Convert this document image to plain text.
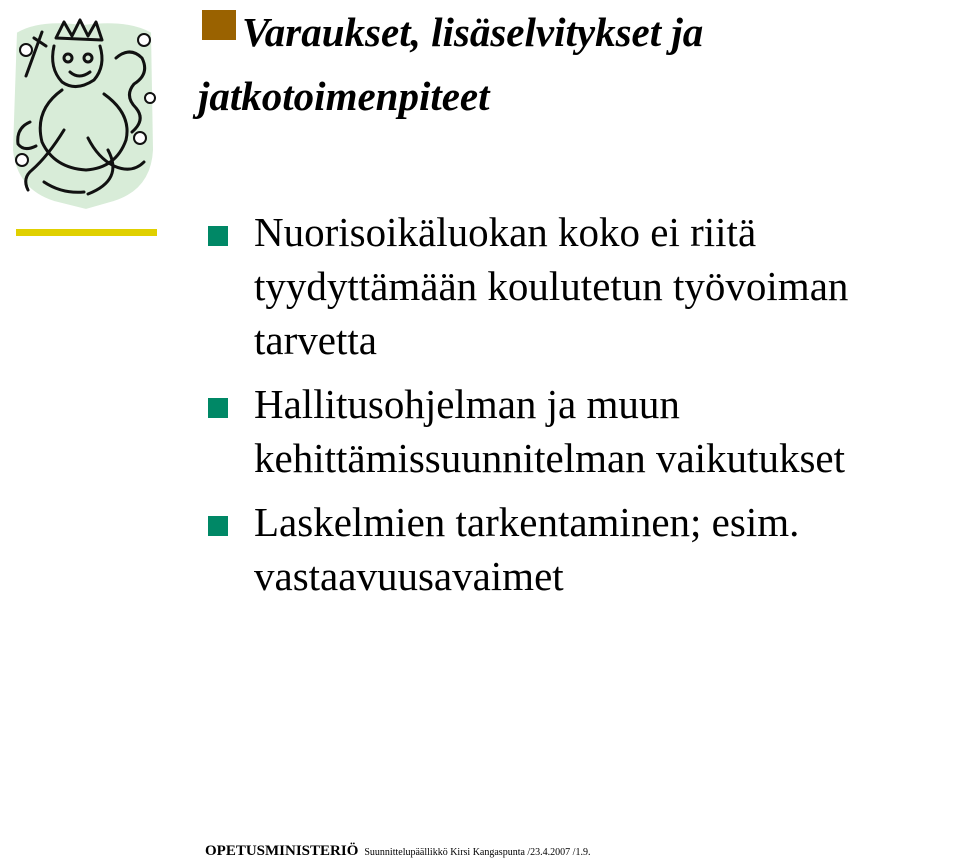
Varaukset, lisäselvitykset ja jatkotoimenpiteet
Nuorisoikäluokan koko ei riitä tyydyttämään koulutetun työvoiman tarvetta
Hallitusohjelman ja muun kehittämissuunnitelman vaikutukset
Laskelmien tarkentaminen; esim. vastaavuusavaimet
OPETUSMINISTERIÖ Suunnittelupäällikkö Kirsi Kangaspunta /23.4.2007 /1.9.
